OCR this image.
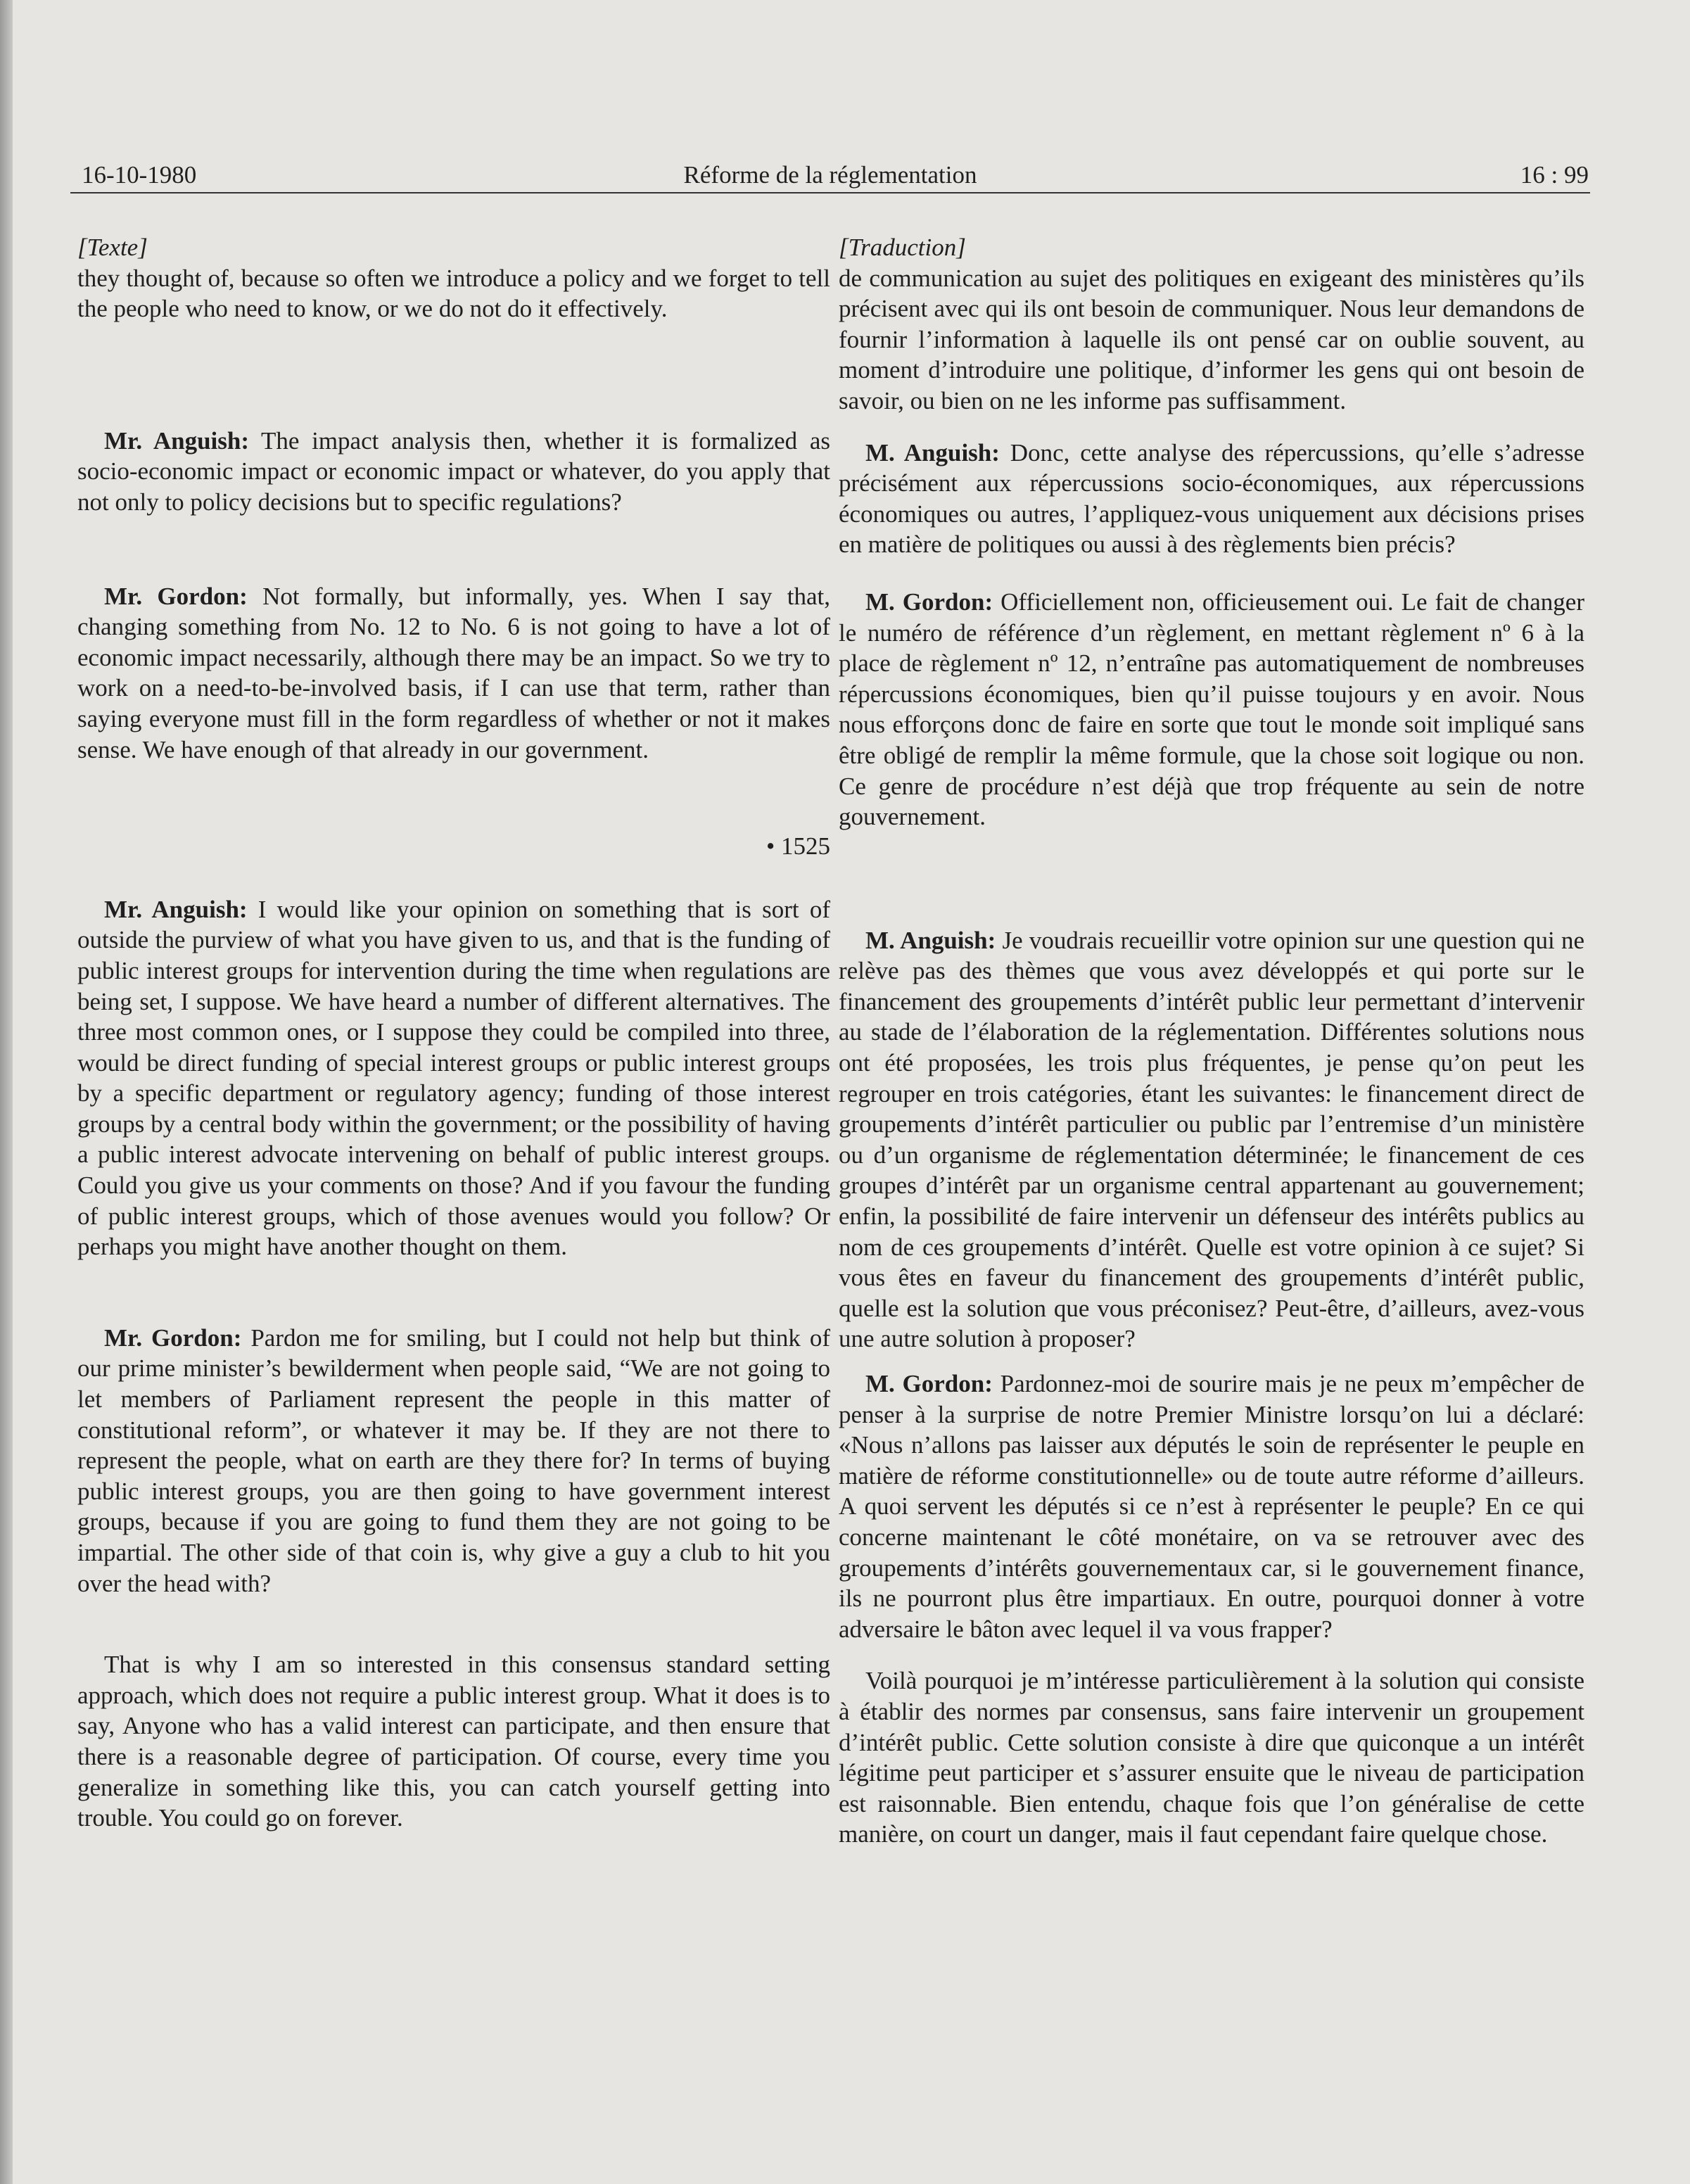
16-10-1980	Réforme de la réglementation	16 : 99

[Texte]

they thought of, because so often we introduce a policy and we forget to tell the people who need to know, or we do not do it effectively.

Mr. Anguish: The impact analysis then, whether it is formalized as socio-economic impact or economic impact or whatever, do you apply that not only to policy decisions but to specific regulations?

Mr. Gordon: Not formally, but informally, yes. When I say that, changing something from No. 12 to No. 6 is not going to have a lot of economic impact necessarily, although there may be an impact. So we try to work on a need-to-be-involved basis, if I can use that term, rather than saying everyone must fill in the form regardless of whether or not it makes sense. We have enough of that already in our government.

• 1525

Mr. Anguish: I would like your opinion on something that is sort of outside the purview of what you have given to us, and that is the funding of public interest groups for intervention during the time when regulations are being set, I suppose. We have heard a number of different alternatives. The three most common ones, or I suppose they could be compiled into three, would be direct funding of special interest groups or public interest groups by a specific department or regulatory agency; funding of those interest groups by a central body within the government; or the possibility of having a public interest advocate intervening on behalf of public interest groups. Could you give us your comments on those? And if you favour the funding of public interest groups, which of those avenues would you follow? Or perhaps you might have another thought on them.

Mr. Gordon: Pardon me for smiling, but I could not help but think of our prime minister’s bewilderment when people said, “We are not going to let members of Parliament represent the people in this matter of constitutional reform”, or whatever it may be. If they are not there to represent the people, what on earth are they there for? In terms of buying public interest groups, you are then going to have government interest groups, because if you are going to fund them they are not going to be impartial. The other side of that coin is, why give a guy a club to hit you over the head with?

That is why I am so interested in this consensus standard setting approach, which does not require a public interest group. What it does is to say, Anyone who has a valid interest can participate, and then ensure that there is a reasonable degree of participation. Of course, every time you generalize in something like this, you can catch yourself getting into trouble. You could go on forever.

[Traduction]

de communication au sujet des politiques en exigeant des ministères qu’ils précisent avec qui ils ont besoin de communiquer. Nous leur demandons de fournir l’information à laquelle ils ont pensé car on oublie souvent, au moment d’introduire une politique, d’informer les gens qui ont besoin de savoir, ou bien on ne les informe pas suffisamment.

M. Anguish: Donc, cette analyse des répercussions, qu’elle s’adresse précisément aux répercussions socio-économiques, aux répercussions économiques ou autres, l’appliquez-vous uniquement aux décisions prises en matière de politiques ou aussi à des règlements bien précis?

M. Gordon: Officiellement non, officieusement oui. Le fait de changer le numéro de référence d’un règlement, en mettant règlement nº 6 à la place de règlement nº 12, n’entraîne pas automatiquement de nombreuses répercussions économiques, bien qu’il puisse toujours y en avoir. Nous nous efforçons donc de faire en sorte que tout le monde soit impliqué sans être obligé de remplir la même formule, que la chose soit logique ou non. Ce genre de procédure n’est déjà que trop fréquente au sein de notre gouvernement.

M. Anguish: Je voudrais recueillir votre opinion sur une question qui ne relève pas des thèmes que vous avez développés et qui porte sur le financement des groupements d’intérêt public leur permettant d’intervenir au stade de l’élaboration de la réglementation. Différentes solutions nous ont été proposées, les trois plus fréquentes, je pense qu’on peut les regrouper en trois catégories, étant les suivantes: le financement direct de groupements d’intérêt particulier ou public par l’entremise d’un ministère ou d’un organisme de réglementation déterminée; le financement de ces groupes d’intérêt par un organisme central appartenant au gouvernement; enfin, la possibilité de faire intervenir un défenseur des intérêts publics au nom de ces groupements d’intérêt. Quelle est votre opinion à ce sujet? Si vous êtes en faveur du financement des groupements d’intérêt public, quelle est la solution que vous préconisez? Peut-être, d’ailleurs, avez-vous une autre solution à proposer?

M. Gordon: Pardonnez-moi de sourire mais je ne peux m’empêcher de penser à la surprise de notre Premier Ministre lorsqu’on lui a déclaré: «Nous n’allons pas laisser aux députés le soin de représenter le peuple en matière de réforme constitutionnelle» ou de toute autre réforme d’ailleurs. A quoi servent les députés si ce n’est à représenter le peuple? En ce qui concerne maintenant le côté monétaire, on va se retrouver avec des groupements d’intérêts gouvernementaux car, si le gouvernement finance, ils ne pourront plus être impartiaux. En outre, pourquoi donner à votre adversaire le bâton avec lequel il va vous frapper?

Voilà pourquoi je m’intéresse particulièrement à la solution qui consiste à établir des normes par consensus, sans faire intervenir un groupement d’intérêt public. Cette solution consiste à dire que quiconque a un intérêt légitime peut participer et s’assurer ensuite que le niveau de participation est raisonnable. Bien entendu, chaque fois que l’on généralise de cette manière, on court un danger, mais il faut cependant faire quelque chose.
